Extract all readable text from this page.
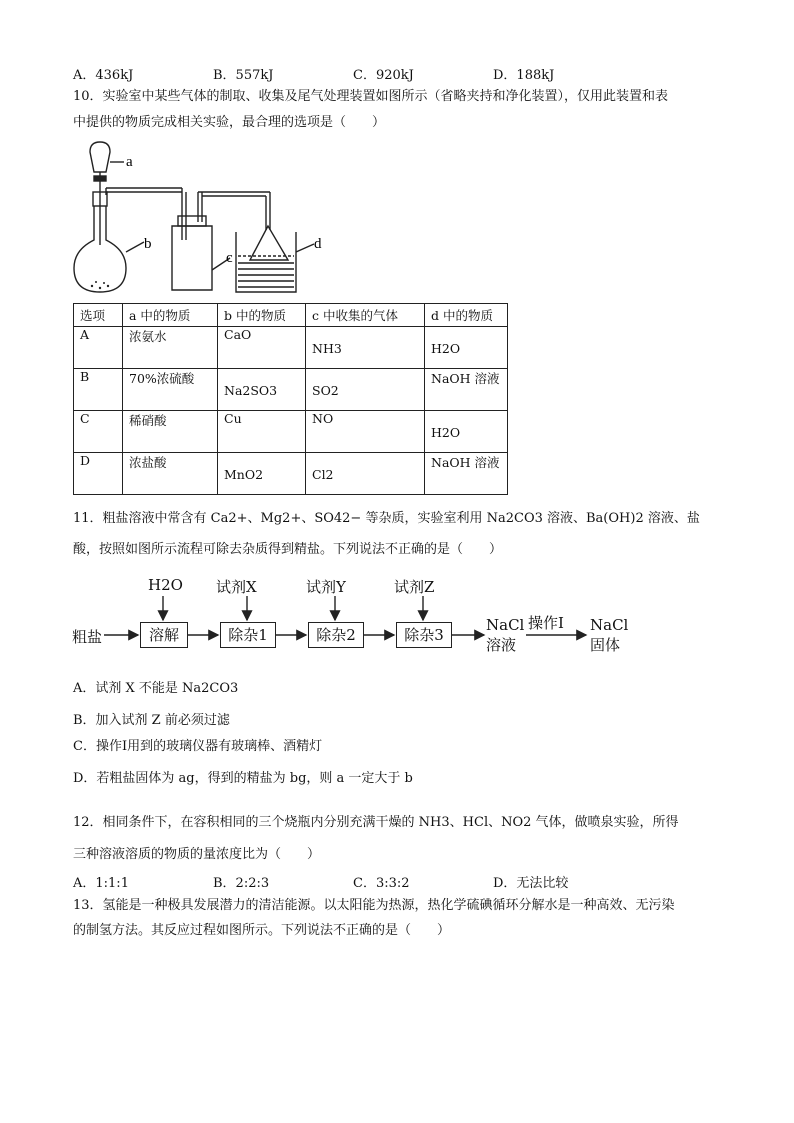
A．436kJ	B．557kJ	C．920kJ	D．188kJ
10．实验室中某些气体的制取、收集及尾气处理装置如图所示（省略夹持和净化装置），仅用此装置和表
中提供的物质完成相关实验，最合理的选项是（　　）
a
b
c
d
选项	a 中的物质	b 中的物质	c 中收集的气体	d 中的物质
A	浓氨水	CaO	NH3	H2O
B	70%浓硫酸	Na2SO3	SO2	NaOH 溶液
C	稀硝酸	Cu	NO	H2O
D	浓盐酸	MnO2	Cl2	NaOH 溶液
11．粗盐溶液中常含有 Ca2+、Mg2+、SO42− 等杂质，实验室利用 Na2CO3 溶液、Ba(OH)2 溶液、盐
酸，按照如图所示流程可除去杂质得到精盐。下列说法不正确的是（　　）
H2O 试剂X	试剂Y	试剂Z
粗盐	溶解	除杂1	除杂2	除杂3
NaCl
溶液
操作Ⅰ NaCl
固体
A．试剂 X 不能是 Na2CO3
B．加入试剂 Z 前必须过滤
C．操作Ⅰ用到的玻璃仪器有玻璃棒、酒精灯
D．若粗盐固体为 ag，得到的精盐为 bg，则 a 一定大于 b
12．相同条件下，在容积相同的三个烧瓶内分别充满干燥的 NH3、HCl、NO2 气体，做喷泉实验，所得
三种溶液溶质的物质的量浓度比为（　　）
A．1:1:1	B．2:2:3	C．3:3:2	D．无法比较
13．氢能是一种极具发展潜力的清洁能源。以太阳能为热源，热化学硫碘循环分解水是一种高效、无污染
的制氢方法。其反应过程如图所示。下列说法不正确的是（　　）
